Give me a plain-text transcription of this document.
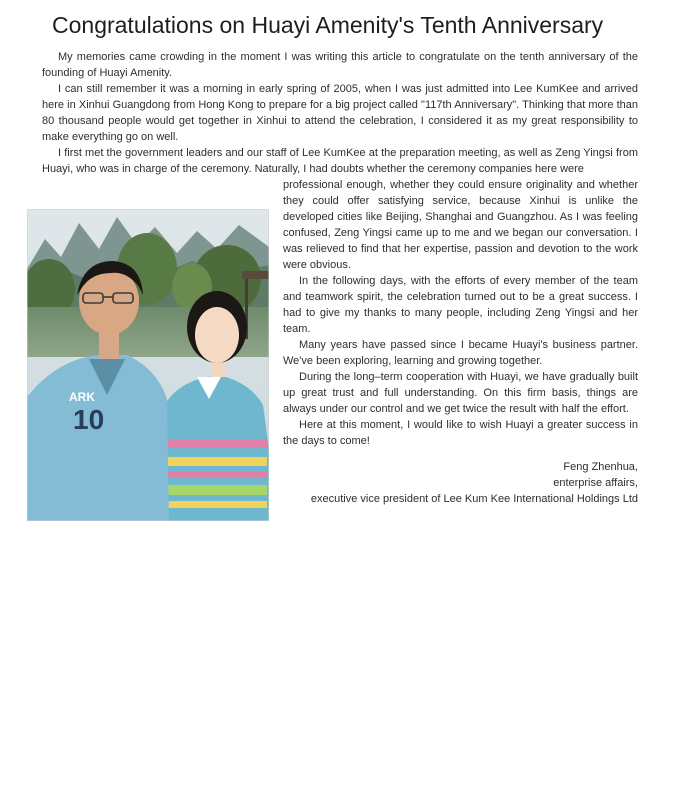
Congratulations on Huayi Amenity's Tenth Anniversary

My memories came crowding in the moment I was writing this article to congratulate on the tenth anniversary of the founding of Huayi Amenity.

I can still remember it was a morning in early spring of 2005, when I was just admitted into Lee KumKee and arrived here in Xinhui Guangdong from Hong Kong to prepare for a big project called "117th Anniversary". Thinking that more than 80 thousand people would get together in Xinhui to attend the celebration, I considered it as my great responsibility to make everything go on well.

I first met the government leaders and our staff of Lee KumKee at the preparation meeting, as well as Zeng Yingsi from Huayi, who was in charge of the ceremony. Naturally, I had doubts whether the ceremony companies here were

ARK
10

professional enough, whether they could ensure originality and whether they could offer satisfying service, because Xinhui is unlike the developed cities like Beijing, Shanghai and Guangzhou. As I was feeling confused, Zeng Yingsi came up to me and we began our conversation. I was relieved to find that her expertise, passion and devotion to the work were obvious.

In the following days, with the efforts of every member of the team and teamwork spirit, the celebration turned out to be a great success. I had to give my thanks to many people, including Zeng Yingsi and her team.

Many years have passed since I became Huayi's business partner. We've been exploring, learning and growing together.

During the long–term cooperation with Huayi, we have gradually built up great trust and full understanding. On this firm basis, things are always under our control and we get twice the result with half the effort.

Here at this moment, I would like to wish Huayi a greater success in the days to come!

Feng Zhenhua,
enterprise affairs,
executive vice president of Lee Kum Kee International Holdings Ltd
